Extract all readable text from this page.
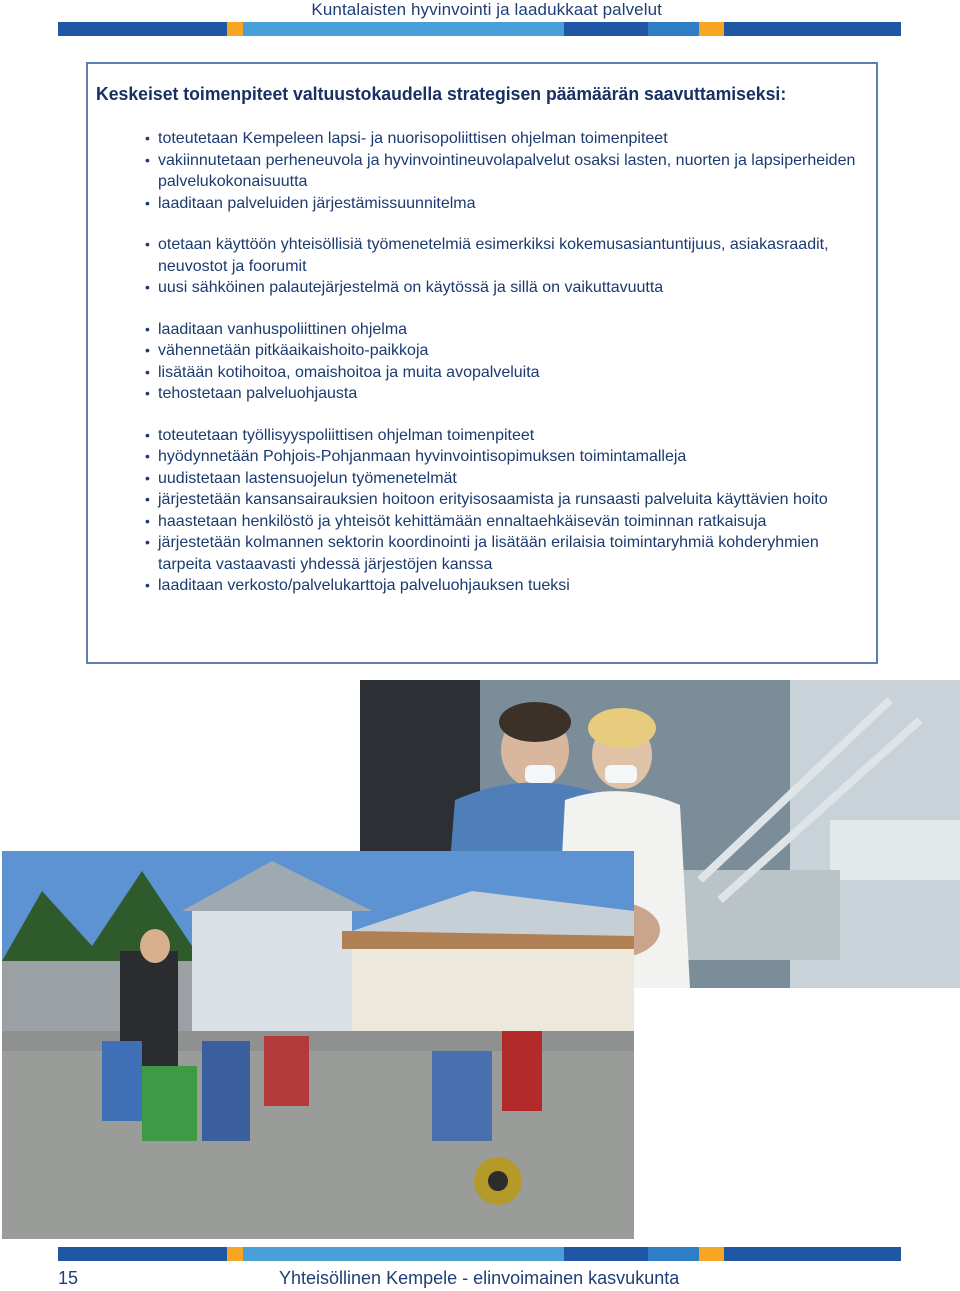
Kuntalaisten hyvinvointi ja laadukkaat palvelut
Keskeiset toimenpiteet valtuustokaudella strategisen päämäärän saavuttamiseksi:
• toteutetaan Kempeleen lapsi- ja nuorisopoliittisen ohjelman toimenpiteet
• vakiinnutetaan perheneuvola ja hyvinvointineuvolapalvelut osaksi lasten, nuorten ja lapsiperheiden palvelukokonaisuutta
• laaditaan palveluiden järjestämissuunnitelma
• otetaan käyttöön yhteisöllisiä työmenetelmiä esimerkiksi kokemusasiantuntijuus, asiakasraadit, neuvostot ja foorumit
• uusi sähköinen palautejärjestelmä on käytössä ja sillä on vaikuttavuutta
• laaditaan vanhuspoliittinen ohjelma
• vähennetään pitkäaikaishoito-paikkoja
• lisätään kotihoitoa, omaishoitoa ja muita avopalveluita
• tehostetaan palveluohjausta
• toteutetaan työllisyyspoliittisen ohjelman toimenpiteet
• hyödynnetään Pohjois-Pohjanmaan hyvinvointisopimuksen toimintamalleja
• uudistetaan lastensuojelun työmenetelmät
• järjestetään kansansairauksien hoitoon erityisosaamista ja runsaasti palveluita käyttävien hoito
• haastetaan henkilöstö ja yhteisöt kehittämään ennaltaehkäisevän toiminnan ratkaisuja
• järjestetään kolmannen sektorin koordinointi ja lisätään erilaisia toimintaryhmiä kohderyhmien tarpeita vastaavasti yhdessä järjestöjen kanssa
• laaditaan verkosto/palvelukarttoja palveluohjauksen tueksi
15	Yhteisöllinen Kempele - elinvoimainen kasvukunta
